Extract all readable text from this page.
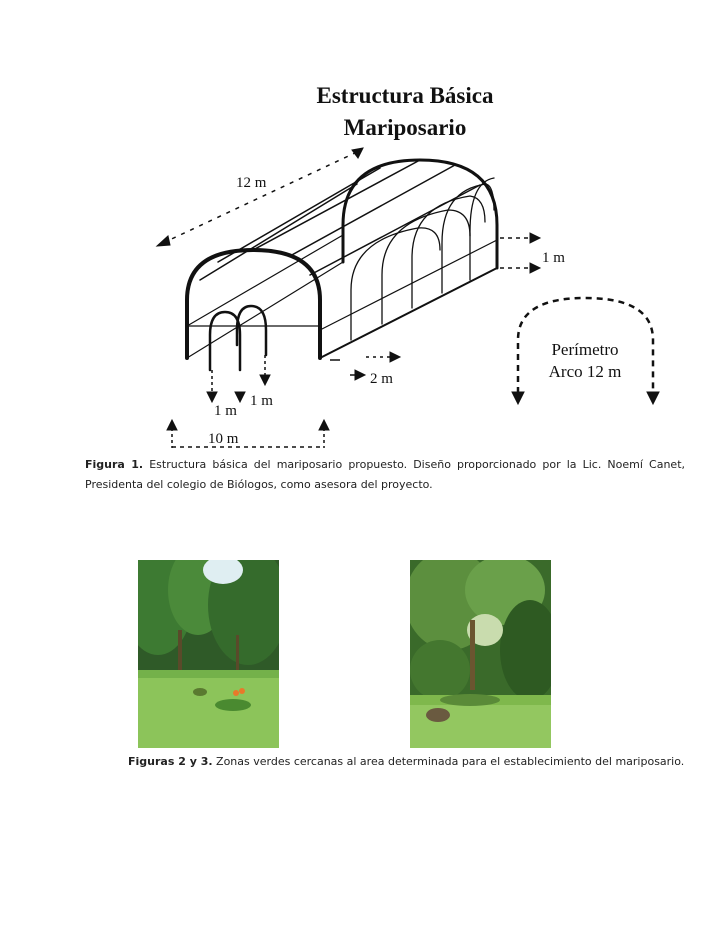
Estructura Básica
Mariposario
12 m
1 m
2 m
1 m
1 m
10 m
Perímetro
Arco 12 m

Figura 1. Estructura básica del mariposario propuesto. Diseño proporcionado por la Lic. Noemí Canet, Presidenta del colegio de Biólogos, como asesora del proyecto.

Figuras 2 y 3. Zonas verdes cercanas al area determinada para el establecimiento del mariposario.
